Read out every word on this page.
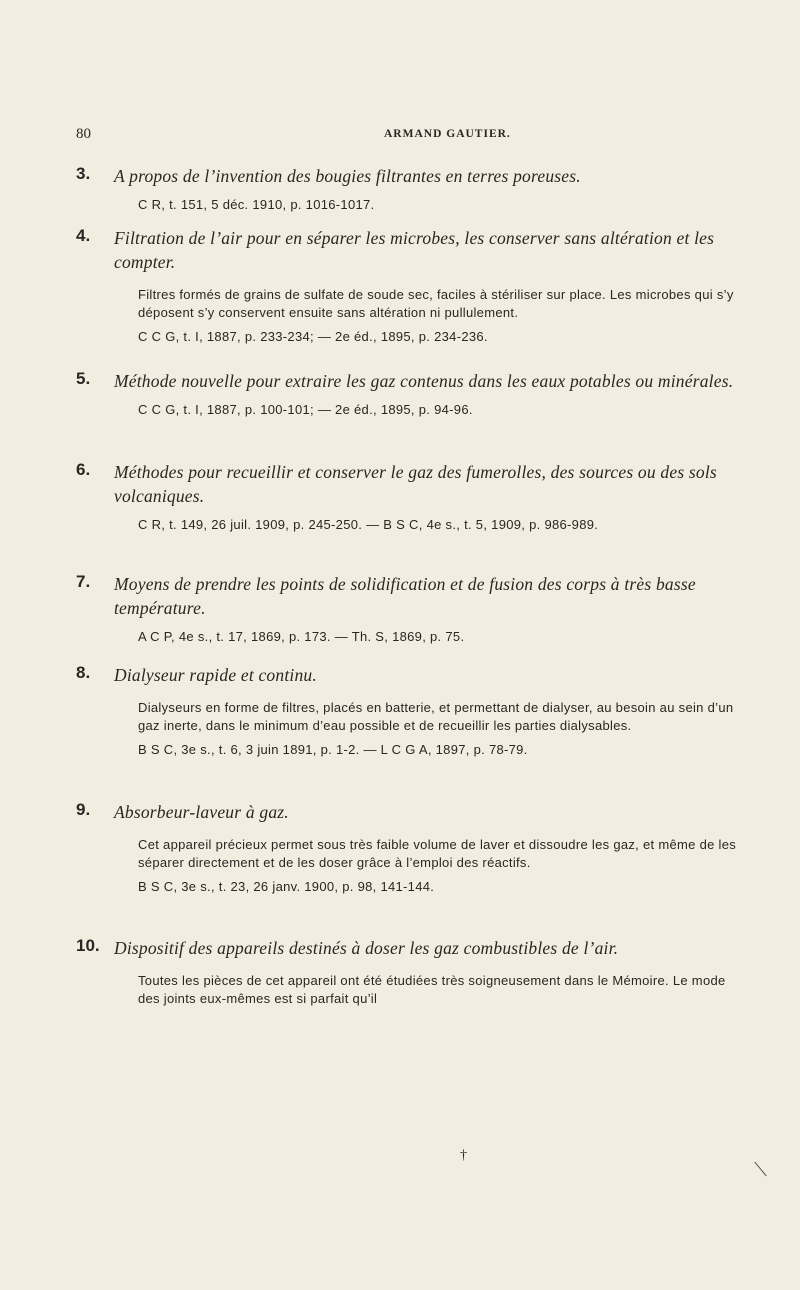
80	ARMAND GAUTIER.
3. A propos de l’invention des bougies filtrantes en terres poreuses.
C R, t. 151, 5 déc. 1910, p. 1016-1017.
4. Filtration de l’air pour en séparer les microbes, les conserver sans altération et les compter.
Filtres formés de grains de sulfate de soude sec, faciles à stériliser sur place. Les microbes qui s’y déposent s’y conservent ensuite sans altération ni pullulement.
C C G, t. I, 1887, p. 233-234; — 2e éd., 1895, p. 234-236.
5. Méthode nouvelle pour extraire les gaz contenus dans les eaux potables ou minérales.
C C G, t. I, 1887, p. 100-101; — 2e éd., 1895, p. 94-96.
6. Méthodes pour recueillir et conserver le gaz des fumerolles, des sources ou des sols volcaniques.
C R, t. 149, 26 juil. 1909, p. 245-250. — B S C, 4e s., t. 5, 1909, p. 986-989.
7. Moyens de prendre les points de solidification et de fusion des corps à très basse température.
A C P, 4e s., t. 17, 1869, p. 173. — Th. S, 1869, p. 75.
8. Dialyseur rapide et continu.
Dialyseurs en forme de filtres, placés en batterie, et permettant de dialyser, au besoin au sein d’un gaz inerte, dans le minimum d’eau possible et de recueillir les parties dialysables.
B S C, 3e s., t. 6, 3 juin 1891, p. 1-2. — L C G A, 1897, p. 78-79.
9. Absorbeur-laveur à gaz.
Cet appareil précieux permet sous très faible volume de laver et dissoudre les gaz, et même de les séparer directement et de les doser grâce à l’emploi des réactifs.
B S C, 3e s., t. 23, 26 janv. 1900, p. 98, 141-144.
10. Dispositif des appareils destinés à doser les gaz combustibles de l’air.
Toutes les pièces de cet appareil ont été étudiées très soigneusement dans le Mémoire. Le mode des joints eux-mêmes est si parfait qu’il
†
